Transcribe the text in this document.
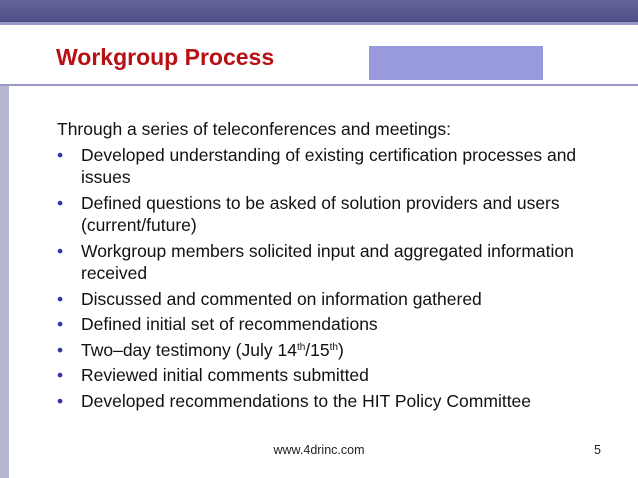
Workgroup Process

Through a series of teleconferences and meetings:

• Developed understanding of existing certification processes and issues
• Defined questions to be asked of solution providers and users (current/future)
• Workgroup members solicited input and aggregated information received
• Discussed and commented on information gathered
• Defined initial set of recommendations
• Two–day testimony (July 14th/15th)
• Reviewed initial comments submitted
• Developed recommendations to the HIT Policy Committee
www.4drinc.com	5
